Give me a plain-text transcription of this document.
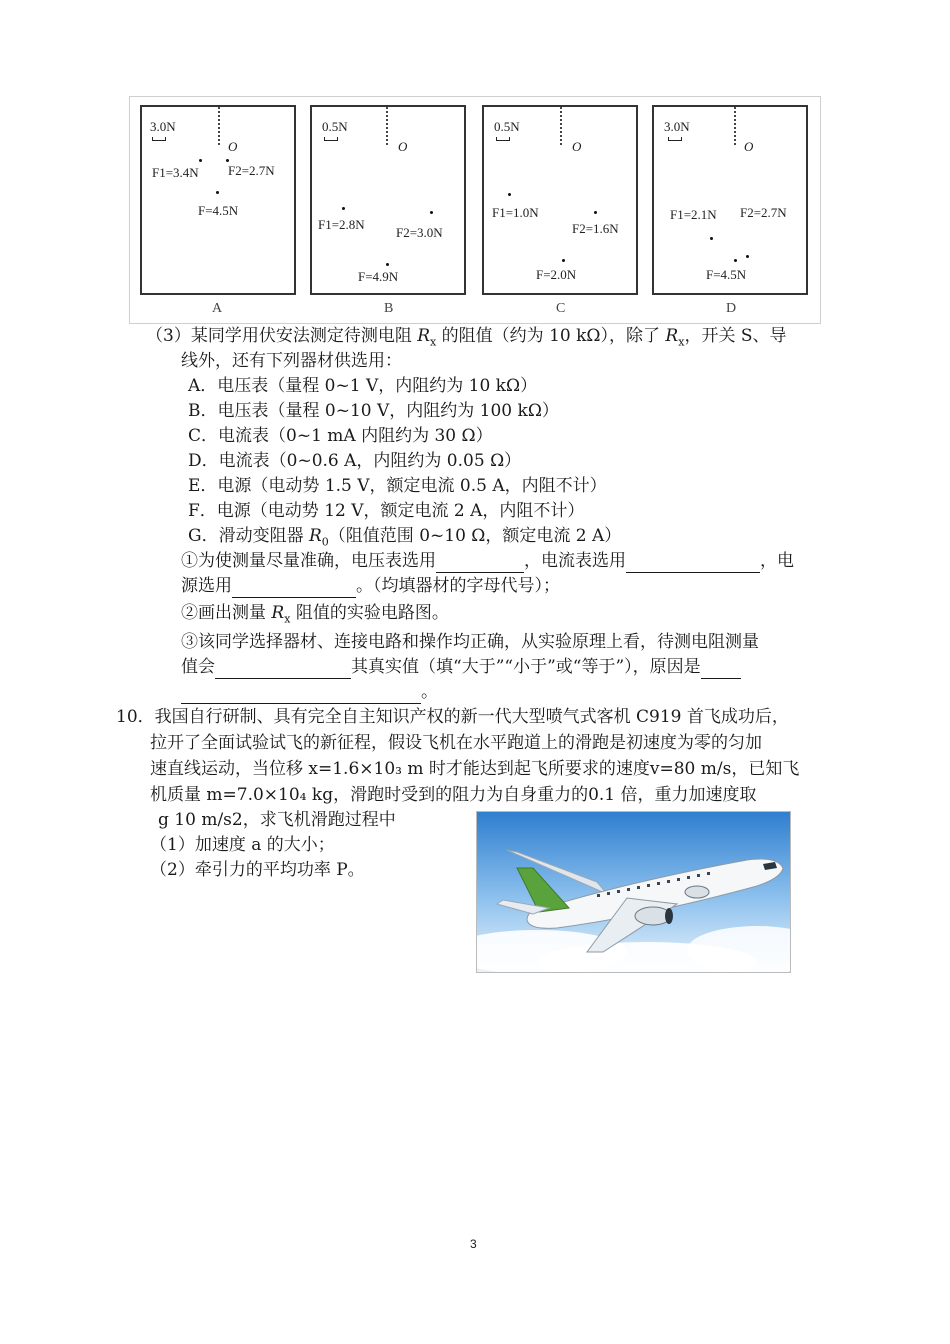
3.0N
O
F1=3.4N F2=2.7N
F=4.5N
0.5N
O
F1=2.8N
F2=3.0N
F=4.9N
0.5N
O
F1=1.0N
F2=1.6N
F=2.0N
3.0N
O
F1=2.1N F2=2.7N
F=4.5N
A	B	C	D
（3）某同学用伏安法测定待测电阻 $R_x$ 的阻值（约为 10 kΩ），除了 $R_x$，开关 S、导
线外，还有下列器材供选用：
A．电压表（量程 0~1 V，内阻约为 10 kΩ）
B．电压表（量程 0~10 V，内阻约为 100 kΩ）
C．电流表（0~1 mA 内阻约为 30 Ω）
D．电流表（0~0.6 A，内阻约为 0.05 Ω）
E．电源（电动势 1.5 V，额定电流 0.5 A，内阻不计）
F．电源（电动势 12 V，额定电流 2 A，内阻不计）
G．滑动变阻器 $R_0$（阻值范围 0~10 Ω，额定电流 2 A）
①为使测量尽量准确，电压表选用	，电流表选用	，电
源选用	。（均填器材的字母代号）；
②画出测量 $R_x$ 阻值的实验电路图。
③该同学选择器材、连接电路和操作均正确，从实验原理上看，待测电阻测量
值会	其真实值（填“大于”“小于”或“等于”），原因是
。
10．我国自行研制、具有完全自主知识产权的新一代大型喷气式客机 C919 首飞成功后，
拉开了全面试验试飞的新征程，假设飞机在水平跑道上的滑跑是初速度为零的匀加
速直线运动，当位移 x=1.6×10₃ m 时才能达到起飞所要求的速度v=80 m/s，已知飞
机质量 m=7.0×10₄ kg，滑跑时受到的阻力为自身重力的0.1 倍，重力加速度取
g 10 m/s2，求飞机滑跑过程中
（1）加速度 a 的大小；
（2）牵引力的平均功率 P。
3
